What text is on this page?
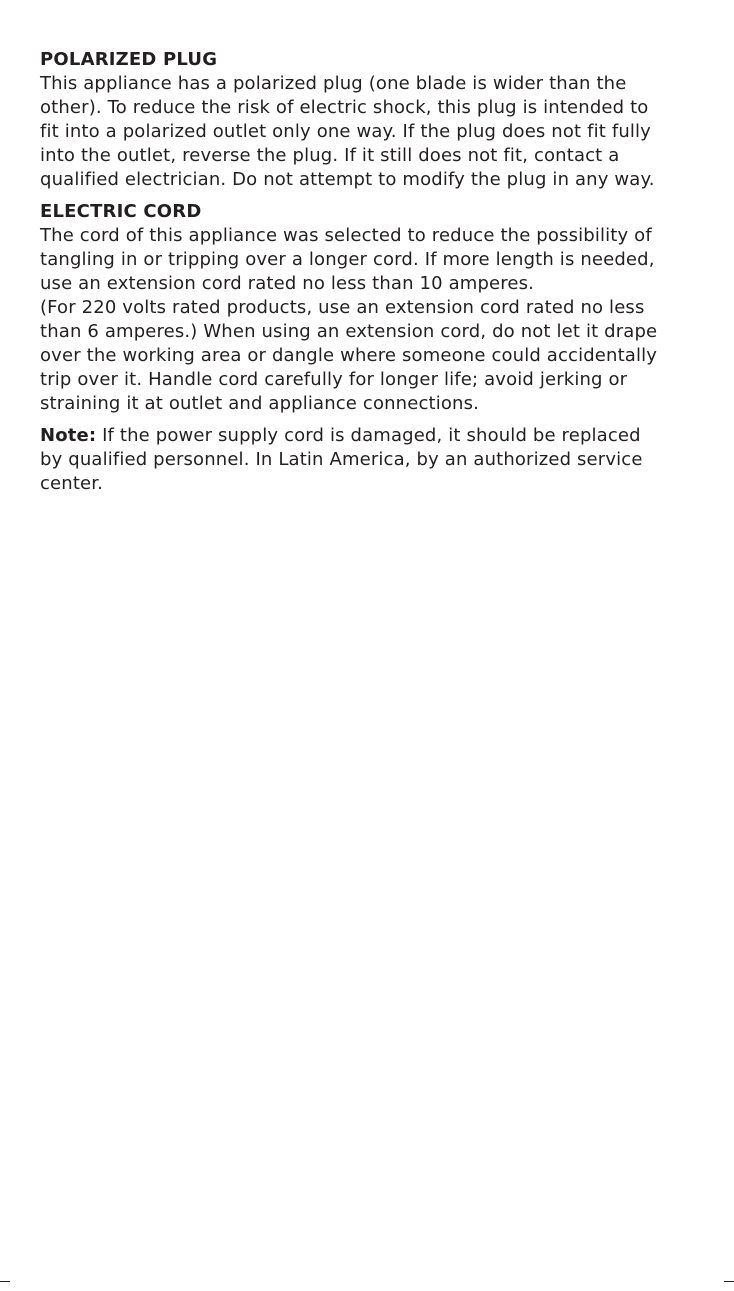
POLARIZED PLUG

This appliance has a polarized plug (one blade is wider than the
other). To reduce the risk of electric shock, this plug is intended to
fit into a polarized outlet only one way. If the plug does not fit fully
into the outlet, reverse the plug. If it still does not fit, contact a
qualified electrician. Do not attempt to modify the plug in any way.

ELECTRIC CORD

The cord of this appliance was selected to reduce the possibility of
tangling in or tripping over a longer cord. If more length is needed,
use an extension cord rated no less than 10 amperes.
(For 220 volts rated products, use an extension cord rated no less
than 6 amperes.) When using an extension cord, do not let it drape
over the working area or dangle where someone could accidentally
trip over it. Handle cord carefully for longer life; avoid jerking or
straining it at outlet and appliance connections.

Note: If the power supply cord is damaged, it should be replaced
by qualified personnel. In Latin America, by an authorized service
center.
